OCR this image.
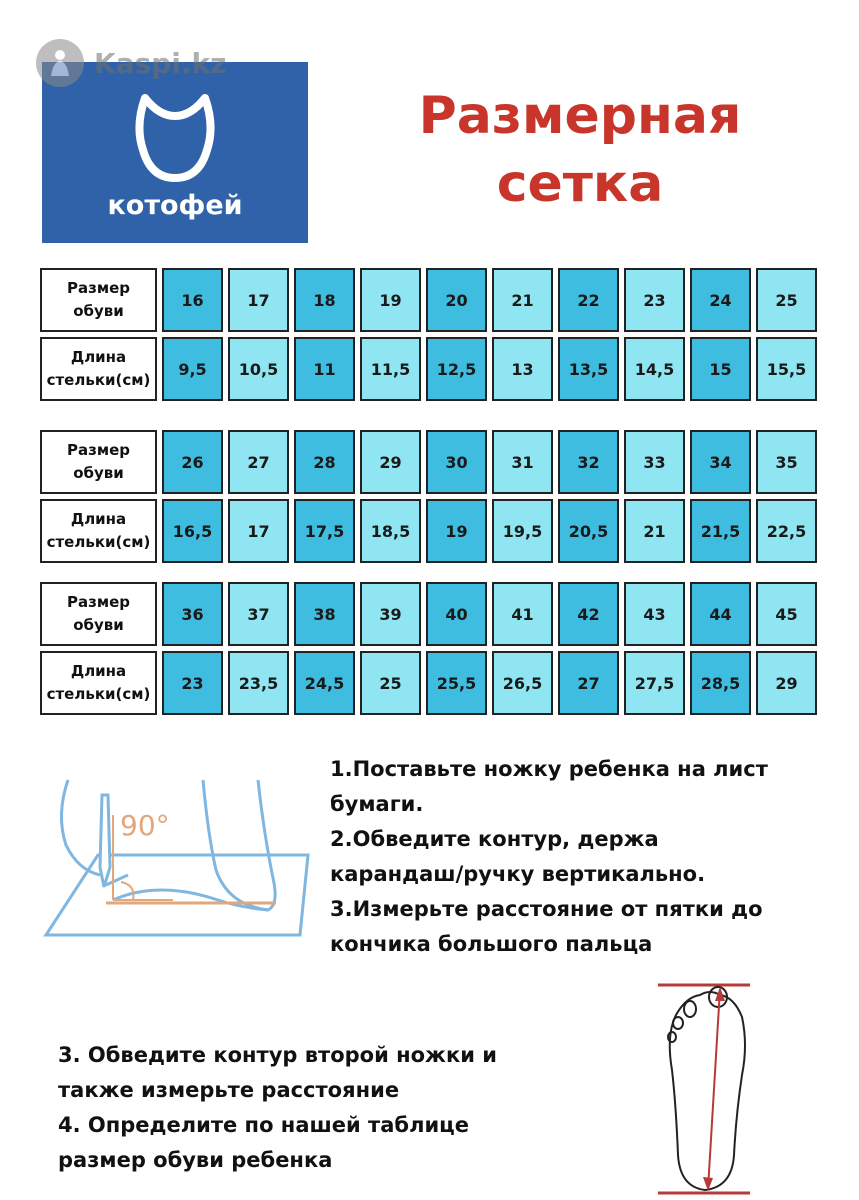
Kaspi.kz
котофей
Размерная
сетка
Размер
обуви
16	17	18	19	20	21	22	23	24	25
Длина
стельки(см)
9,5	10,5	11	11,5	12,5	13	13,5	14,5	15	15,5
Размер
обуви
26	27	28	29	30	31	32	33	34	35
Длина
стельки(см)
16,5	17	17,5	18,5	19	19,5	20,5	21	21,5	22,5
Размер
обуви
36	37	38	39	40	41	42	43	44	45
Длина
стельки(см)
23	23,5	24,5	25	25,5	26,5	27	27,5	28,5	29
90°
1.Поставьте ножку ребенка на лист
бумаги.
2.Обведите контур, держа
карандаш/ручку вертикально.
3.Измерьте расстояние от пятки до
кончика большого пальца
3. Обведите контур второй ножки и
также измерьте расстояние
4. Определите по нашей таблице
размер обуви ребенка
